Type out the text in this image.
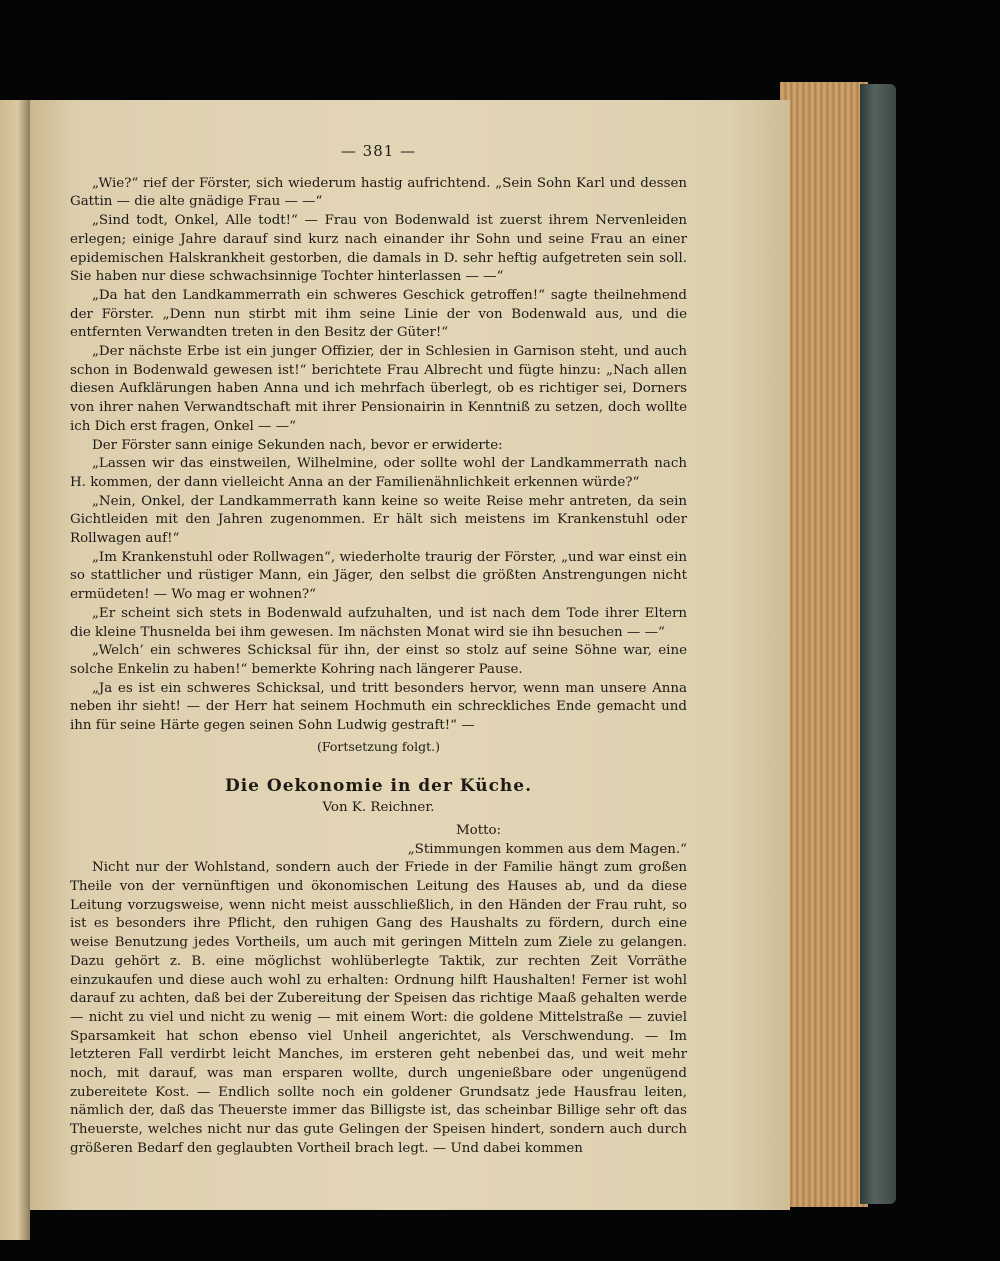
— 381 —

„Wie?“ rief der Förster, sich wiederum hastig aufrichtend. „Sein Sohn Karl und dessen Gattin — die alte gnädige Frau — —“

„Sind todt, Onkel, Alle todt!“ — Frau von Bodenwald ist zuerst ihrem Nervenleiden erlegen; einige Jahre darauf sind kurz nach einander ihr Sohn und seine Frau an einer epidemischen Halskrankheit gestorben, die damals in D. sehr heftig aufgetreten sein soll. Sie haben nur diese schwachsinnige Tochter hinterlassen — —“

„Da hat den Landkammerrath ein schweres Geschick getroffen!“ sagte theilnehmend der Förster. „Denn nun stirbt mit ihm seine Linie der von Bodenwald aus, und die entfernten Verwandten treten in den Besitz der Güter!“

„Der nächste Erbe ist ein junger Offizier, der in Schlesien in Garnison steht, und auch schon in Bodenwald gewesen ist!“ berichtete Frau Albrecht und fügte hinzu: „Nach allen diesen Aufklärungen haben Anna und ich mehrfach überlegt, ob es richtiger sei, Dorners von ihrer nahen Verwandtschaft mit ihrer Pensionairin in Kenntniß zu setzen, doch wollte ich Dich erst fragen, Onkel — —“

Der Förster sann einige Sekunden nach, bevor er erwiderte:

„Lassen wir das einstweilen, Wilhelmine, oder sollte wohl der Landkammerrath nach H. kommen, der dann vielleicht Anna an der Familienähnlichkeit erkennen würde?“

„Nein, Onkel, der Landkammerrath kann keine so weite Reise mehr antreten, da sein Gichtleiden mit den Jahren zugenommen. Er hält sich meistens im Krankenstuhl oder Rollwagen auf!“

„Im Krankenstuhl oder Rollwagen“, wiederholte traurig der Förster, „und war einst ein so stattlicher und rüstiger Mann, ein Jäger, den selbst die größten Anstrengungen nicht ermüdeten! — Wo mag er wohnen?“

„Er scheint sich stets in Bodenwald aufzuhalten, und ist nach dem Tode ihrer Eltern die kleine Thusnelda bei ihm gewesen. Im nächsten Monat wird sie ihn besuchen — —“

„Welch’ ein schweres Schicksal für ihn, der einst so stolz auf seine Söhne war, eine solche Enkelin zu haben!“ bemerkte Kohring nach längerer Pause.

„Ja es ist ein schweres Schicksal, und tritt besonders hervor, wenn man unsere Anna neben ihr sieht! — der Herr hat seinem Hochmuth ein schreckliches Ende gemacht und ihn für seine Härte gegen seinen Sohn Ludwig gestraft!“ —

(Fortsetzung folgt.)

Die Oekonomie in der Küche.

Von K. Reichner.

Motto:
„Stimmungen kommen aus dem Magen.“

Nicht nur der Wohlstand, sondern auch der Friede in der Familie hängt zum großen Theile von der vernünftigen und ökonomischen Leitung des Hauses ab, und da diese Leitung vorzugsweise, wenn nicht meist ausschließlich, in den Händen der Frau ruht, so ist es besonders ihre Pflicht, den ruhigen Gang des Haushalts zu fördern, durch eine weise Benutzung jedes Vortheils, um auch mit geringen Mitteln zum Ziele zu gelangen. Dazu gehört z. B. eine möglichst wohlüberlegte Taktik, zur rechten Zeit Vorräthe einzukaufen und diese auch wohl zu erhalten: Ordnung hilft Haushalten! Ferner ist wohl darauf zu achten, daß bei der Zubereitung der Speisen das richtige Maaß gehalten werde — nicht zu viel und nicht zu wenig — mit einem Wort: die goldene Mittelstraße — zuviel Sparsamkeit hat schon ebenso viel Unheil angerichtet, als Verschwendung. — Im letzteren Fall verdirbt leicht Manches, im ersteren geht nebenbei das, und weit mehr noch, mit darauf, was man ersparen wollte, durch ungenießbare oder ungenügend zubereitete Kost. — Endlich sollte noch ein goldener Grundsatz jede Hausfrau leiten, nämlich der, daß das Theuerste immer das Billigste ist, das scheinbar Billige sehr oft das Theuerste, welches nicht nur das gute Gelingen der Speisen hindert, sondern auch durch größeren Bedarf den geglaubten Vortheil brach legt. — Und dabei kommen
